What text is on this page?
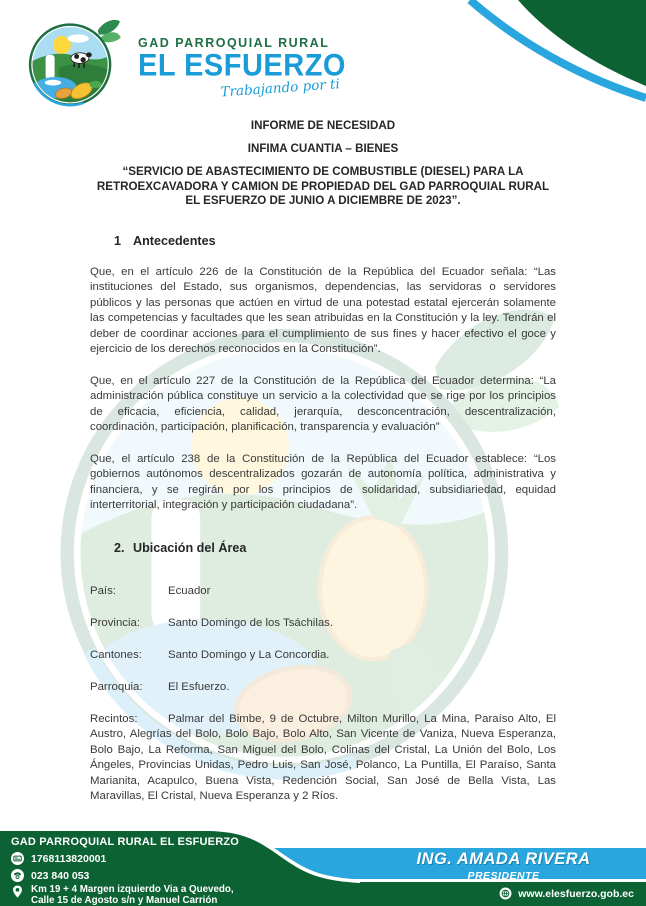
GAD PARROQUIAL RURAL
EL ESFUERZO
Trabajando por ti
INFORME DE NECESIDAD
INFIMA CUANTIA – BIENES
“SERVICIO DE ABASTECIMIENTO DE COMBUSTIBLE (DIESEL) PARA LA RETROEXCAVADORA Y CAMION DE PROPIEDAD DEL GAD PARROQUIAL RURAL EL ESFUERZO DE JUNIO A DICIEMBRE DE 2023”.
1 Antecedentes

Que, en el artículo 226 de la Constitución de la República del Ecuador señala: “Las instituciones del Estado, sus organismos, dependencias, las servidoras o servidores públicos y las personas que actúen en virtud de una potestad estatal ejercerán solamente las competencias y facultades que les sean atribuidas en la Constitución y la ley. Tendrán el deber de coordinar acciones para el cumplimiento de sus fines y hacer efectivo el goce y ejercicio de los derechos reconocidos en la Constitución”.

Que, en el artículo 227 de la Constitución de la República del Ecuador determina: “La administración pública constituye un servicio a la colectividad que se rige por los principios de eficacia, eficiencia, calidad, jerarquía, desconcentración, descentralización, coordinación, participación, planificación, transparencia y evaluación”

Que, el artículo 238 de la Constitución de la República del Ecuador establece: “Los gobiernos autónomos descentralizados gozarán de autonomía política, administrativa y financiera, y se regirán por los principios de solidaridad, subsidiariedad, equidad interterritorial, integración y participación ciudadana”.

2. Ubicación del Área
País:	Ecuador
Provincia: Santo Domingo de los Tsáchilas.
Cantones: Santo Domingo y La Concordia.
Parroquia: El Esfuerzo.

Recintos:	Palmar del Bimbe, 9 de Octubre, Milton Murillo, La Mina, Paraíso Alto, El Austro, Alegrías del Bolo, Bolo Bajo, Bolo Alto, San Vicente de Vaniza, Nueva Esperanza, Bolo Bajo, La Reforma, San Miguel del Bolo, Colinas del Cristal, La Unión del Bolo, Los Ángeles, Provincias Unidas, Pedro Luis, San José, Polanco, La Puntilla, El Paraíso, Santa Marianita, Acapulco, Buena Vista, Redención Social, San José de Bella Vista, Las Maravillas, El Cristal, Nueva Esperanza y 2 Ríos.

GAD PARROQUIAL RURAL EL ESFUERZO
1768113820001
023 840 053
Km 19 + 4 Margen izquierdo Via a Quevedo,
Calle 15 de Agosto s/n y Manuel Carrión
ING. AMADA RIVERA
PRESIDENTE
www.elesfuerzo.gob.ec
